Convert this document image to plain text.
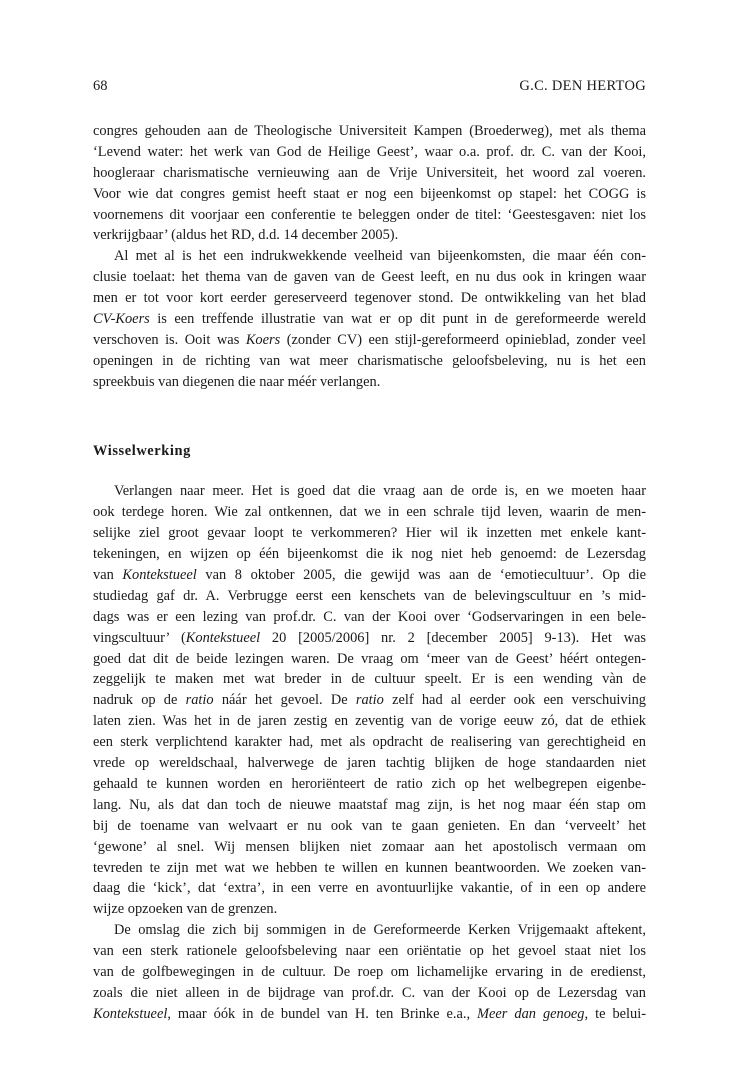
68	G.C. DEN HERTOG
congres gehouden aan de Theologische Universiteit Kampen (Broederweg), met als thema
‘Levend water: het werk van God de Heilige Geest’, waar o.a. prof. dr. C. van der Kooi,
hoogleraar charismatische vernieuwing aan de Vrije Universiteit, het woord zal voeren.
Voor wie dat congres gemist heeft staat er nog een bijeenkomst op stapel: het COGG is
voornemens dit voorjaar een conferentie te beleggen onder de titel: ‘Geestesgaven: niet los
verkrijgbaar’ (aldus het RD, d.d. 14 december 2005).
Al met al is het een indrukwekkende veelheid van bijeenkomsten, die maar één con-
clusie toelaat: het thema van de gaven van de Geest leeft, en nu dus ook in kringen waar
men er tot voor kort eerder gereserveerd tegenover stond. De ontwikkeling van het blad
CV-Koers is een treffende illustratie van wat er op dit punt in de gereformeerde wereld
verschoven is. Ooit was Koers (zonder CV) een stijl-gereformeerd opinieblad, zonder veel
openingen in de richting van wat meer charismatische geloofsbeleving, nu is het een
spreekbuis van diegenen die naar méér verlangen.
Wisselwerking
Verlangen naar meer. Het is goed dat die vraag aan de orde is, en we moeten haar
ook terdege horen. Wie zal ontkennen, dat we in een schrale tijd leven, waarin de men-
selijke ziel groot gevaar loopt te verkommeren? Hier wil ik inzetten met enkele kant-
tekeningen, en wijzen op één bijeenkomst die ik nog niet heb genoemd: de Lezersdag
van Kontekstueel van 8 oktober 2005, die gewijd was aan de ‘emotiecultuur’. Op die
studiedag gaf dr. A. Verbrugge eerst een kenschets van de belevingscultuur en ’s mid-
dags was er een lezing van prof.dr. C. van der Kooi over ‘Godservaringen in een bele-
vingscultuur’ (Kontekstueel 20 [2005/2006] nr. 2 [december 2005] 9-13). Het was
goed dat dit de beide lezingen waren. De vraag om ‘meer van de Geest’ héért ontegen-
zeggelijk te maken met wat breder in de cultuur speelt. Er is een wending vàn de
nadruk op de ratio náár het gevoel. De ratio zelf had al eerder ook een verschuiving
laten zien. Was het in de jaren zestig en zeventig van de vorige eeuw zó, dat de ethiek
een sterk verplichtend karakter had, met als opdracht de realisering van gerechtigheid en
vrede op wereldschaal, halverwege de jaren tachtig blijken de hoge standaarden niet
gehaald te kunnen worden en heroriënteert de ratio zich op het welbegrepen eigenbe-
lang. Nu, als dat dan toch de nieuwe maatstaf mag zijn, is het nog maar één stap om
bij de toename van welvaart er nu ook van te gaan genieten. En dan ‘verveelt’ het
‘gewone’ al snel. Wij mensen blijken niet zomaar aan het apostolisch vermaan om
tevreden te zijn met wat we hebben te willen en kunnen beantwoorden. We zoeken van-
daag die ‘kick’, dat ‘extra’, in een verre en avontuurlijke vakantie, of in een op andere
wijze opzoeken van de grenzen.
De omslag die zich bij sommigen in de Gereformeerde Kerken Vrijgemaakt aftekent,
van een sterk rationele geloofsbeleving naar een oriëntatie op het gevoel staat niet los
van de golfbewegingen in de cultuur. De roep om lichamelijke ervaring in de eredienst,
zoals die niet alleen in de bijdrage van prof.dr. C. van der Kooi op de Lezersdag van
Kontekstueel, maar óók in de bundel van H. ten Brinke e.a., Meer dan genoeg, te belui-
